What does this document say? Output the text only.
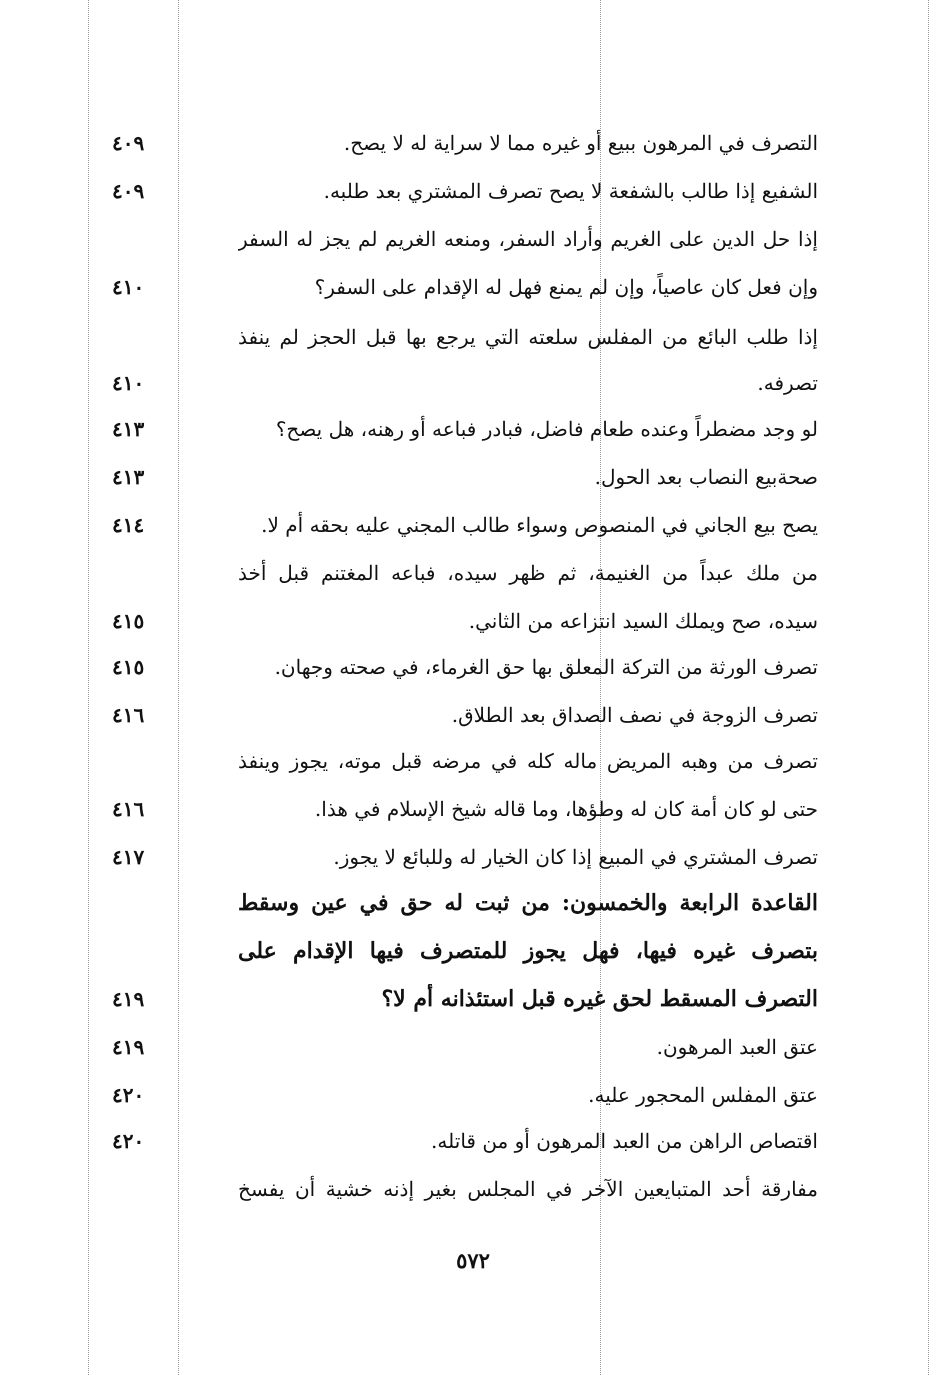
التصرف في المرهون ببيع أو غيره مما لا سراية له لا يصح.
٤٠٩
الشفيع إذا طالب بالشفعة لا يصح تصرف المشتري بعد طلبه.
٤٠٩
إذا حل الدين على الغريم وأراد السفر، ومنعه الغريم لم يجز له السفر
وإن فعل كان عاصياً، وإن لم يمنع فهل له الإقدام على السفر؟
٤١٠
إذا طلب البائع من المفلس سلعته التي يرجع بها قبل الحجز لم ينفذ
تصرفه.
٤١٠
لو وجد مضطراً وعنده طعام فاضل، فبادر فباعه أو رهنه، هل يصح؟
٤١٣
صحةبيع النصاب بعد الحول.
٤١٣
يصح بيع الجاني في المنصوص وسواء طالب المجني عليه بحقه أم لا.
٤١٤
من ملك عبداً من الغنيمة، ثم ظهر سيده، فباعه المغتنم قبل أخذ
سيده، صح ويملك السيد انتزاعه من الثاني.
٤١٥
تصرف الورثة من التركة المعلق بها حق الغرماء، في صحته وجهان.
٤١٥
تصرف الزوجة في نصف الصداق بعد الطلاق.
٤١٦
تصرف من وهبه المريض ماله كله في مرضه قبل موته، يجوز وينفذ
حتى لو كان أمة كان له وطؤها، وما قاله شيخ الإسلام في هذا.
٤١٦
تصرف المشتري في المبيع إذا كان الخيار له وللبائع لا يجوز.
٤١٧
القاعدة الرابعة والخمسون: من ثبت له حق في عين وسقط
بتصرف غيره فيها، فهل يجوز للمتصرف فيها الإقدام على
التصرف المسقط لحق غيره قبل استئذانه أم لا؟
٤١٩
عتق العبد المرهون.
٤١٩
عتق المفلس المحجور عليه.
٤٢٠
اقتصاص الراهن من العبد المرهون أو من قاتله.
٤٢٠
مفارقة أحد المتبايعين الآخر في المجلس بغير إذنه خشية أن يفسخ
٥٧٢
